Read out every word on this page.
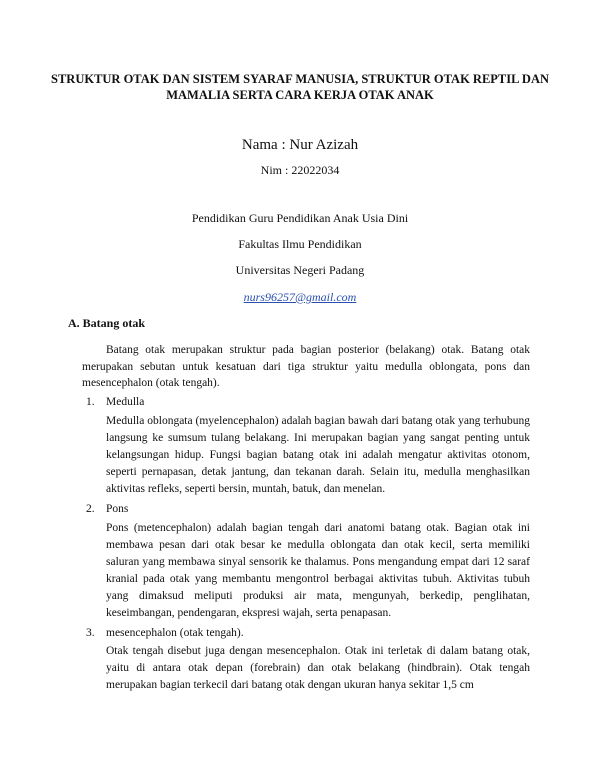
STRUKTUR OTAK DAN SISTEM SYARAF MANUSIA, STRUKTUR OTAK REPTIL DAN MAMALIA SERTA CARA KERJA OTAK ANAK
Nama : Nur Azizah
Nim : 22022034
Pendidikan Guru Pendidikan Anak Usia Dini
Fakultas Ilmu Pendidikan
Universitas Negeri Padang
nurs96257@gmail.com
A. Batang otak
Batang otak merupakan struktur pada bagian posterior (belakang) otak. Batang otak merupakan sebutan untuk kesatuan dari tiga struktur yaitu medulla oblongata, pons dan mesencephalon (otak tengah).
1. Medulla
Medulla oblongata (myelencephalon) adalah bagian bawah dari batang otak yang terhubung langsung ke sumsum tulang belakang. Ini merupakan bagian yang sangat penting untuk kelangsungan hidup. Fungsi bagian batang otak ini adalah mengatur aktivitas otonom, seperti pernapasan, detak jantung, dan tekanan darah. Selain itu, medulla menghasilkan aktivitas refleks, seperti bersin, muntah, batuk, dan menelan.
2. Pons
Pons (metencephalon) adalah bagian tengah dari anatomi batang otak. Bagian otak ini membawa pesan dari otak besar ke medulla oblongata dan otak kecil, serta memiliki saluran yang membawa sinyal sensorik ke thalamus. Pons mengandung empat dari 12 saraf kranial pada otak yang membantu mengontrol berbagai aktivitas tubuh. Aktivitas tubuh yang dimaksud meliputi produksi air mata, mengunyah, berkedip, penglihatan, keseimbangan, pendengaran, ekspresi wajah, serta penapasan.
3. mesencephalon (otak tengah).
Otak tengah disebut juga dengan mesencephalon. Otak ini terletak di dalam batang otak, yaitu di antara otak depan (forebrain) dan otak belakang (hindbrain). Otak tengah merupakan bagian terkecil dari batang otak dengan ukuran hanya sekitar 1,5 cm
